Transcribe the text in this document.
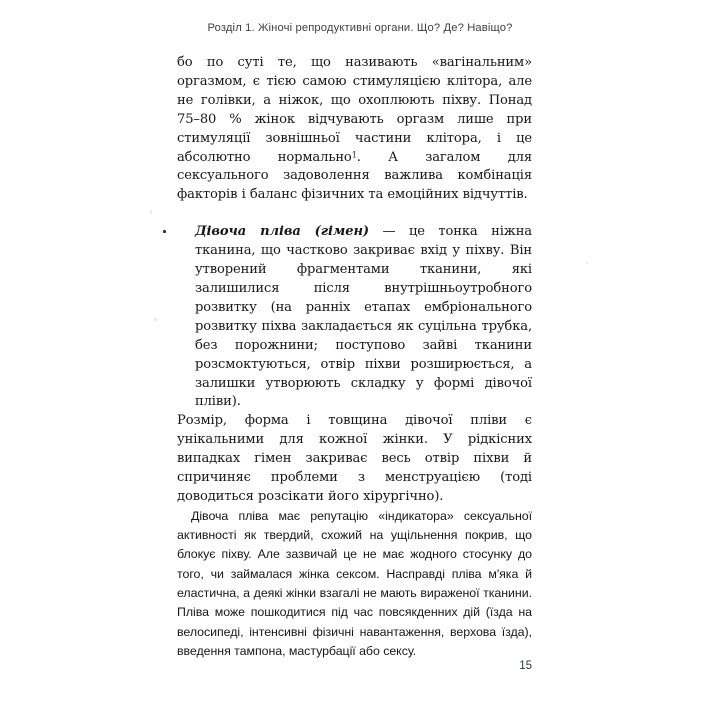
Розділ 1. Жіночі репродуктивні органи. Що? Де? Навіщо?

бо по суті те, що називають «вагінальним» оргазмом, є тією самою стимуляцією клітора, але не голівки, а ніжок, що охоплюють піхву. Понад 75–80 % жінок відчувають оргазм лише при стимуляції зовнішньої частини клітора, і це абсолютно нормально$^1$. А загалом для сексуального задоволення важлива комбінація факторів і баланс фізичних та емоційних відчуттів.

Дівоча пліва (гімен) — це тонка ніжна тканина, що частково закриває вхід у піхву. Він утворений фрагментами тканини, які залишилися після внутрішньоутробного розвитку (на ранніх етапах ембріонального розвитку піхва закладається як суцільна трубка, без порожнини; поступово зайві тканини розсмоктуються, отвір піхви розширюється, а залишки утворюють складку у формі дівочої пліви).

Розмір, форма і товщина дівочої пліви є унікальними для кожної жінки. У рідкісних випадках гімен закриває весь отвір піхви й спричиняє проблеми з менструацією (тоді доводиться розсікати його хірургічно).

Дівоча пліва має репутацію «індикатора» сексуальної активності як твердий, схожий на ущільнення покрив, що блокує піхву. Але зазвичай це не має жодного стосунку до того, чи займалася жінка сексом. Насправді пліва м'яка й еластична, а деякі жінки взагалі не мають вираженої тканини. Пліва може пошкодитися під час повсякденних дій (їзда на велосипеді, інтенсивні фізичні навантаження, верхова їзда), введення тампона, мастурбації або сексу.

15
